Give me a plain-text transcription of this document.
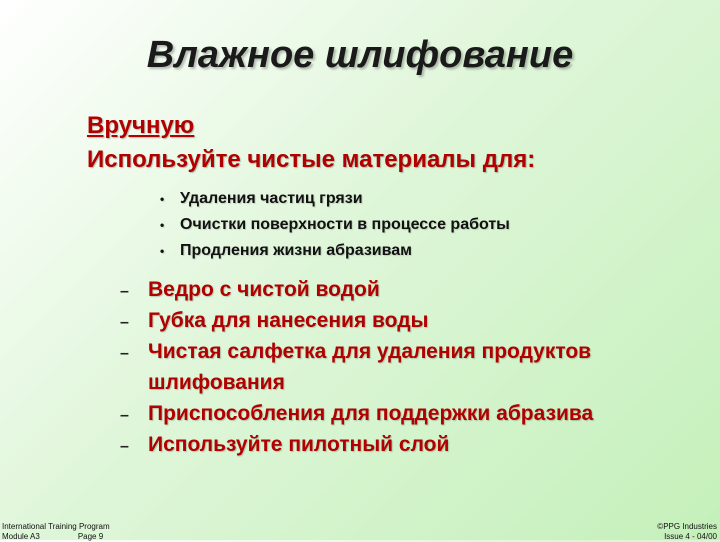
Влажное шлифование
Вручную
Используйте чистые материалы для:
• Удаления частиц грязи
• Очистки поверхности в процессе работы
• Продления жизни абразивам
– Ведро с чистой водой
– Губка для нанесения воды
– Чистая салфетка для удаления продуктов шлифования
– Приспособления для поддержки абразива
– Используйте пилотный слой
International Training Program
Module A3	Page 9
©PPG Industries
Issue 4 - 04/00
